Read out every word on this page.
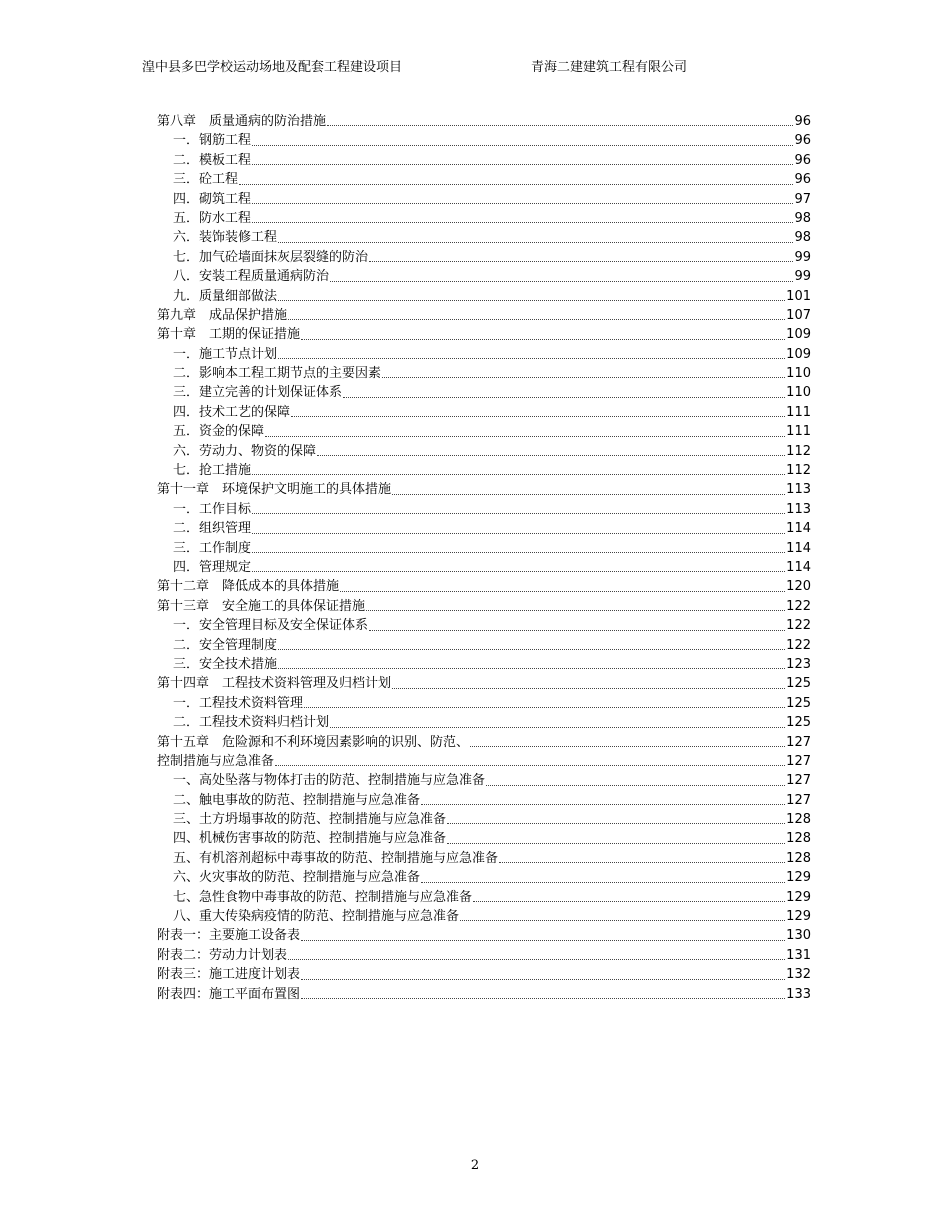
湟中县多巴学校运动场地及配套工程建设项目	青海二建建筑工程有限公司
第八章　质量通病的防治措施	96
一．钢筋工程	96
二．模板工程	96
三．砼工程	96
四．砌筑工程	97
五．防水工程	98
六．装饰装修工程	98
七．加气砼墙面抹灰层裂缝的防治	99
八．安装工程质量通病防治	99
九．质量细部做法	101
第九章　成品保护措施	107
第十章　工期的保证措施	109
一．施工节点计划	109
二．影响本工程工期节点的主要因素	110
三．建立完善的计划保证体系	110
四．技术工艺的保障	111
五．资金的保障	111
六．劳动力、物资的保障	112
七．抢工措施	112
第十一章　环境保护文明施工的具体措施	113
一．工作目标	113
二．组织管理	114
三．工作制度	114
四．管理规定	114
第十二章　降低成本的具体措施	120
第十三章　安全施工的具体保证措施	122
一．安全管理目标及安全保证体系	122
二．安全管理制度	122
三．安全技术措施	123
第十四章　工程技术资料管理及归档计划	125
一．工程技术资料管理	125
二．工程技术资料归档计划	125
第十五章　危险源和不利环境因素影响的识别、防范、	127
控制措施与应急准备	127
一、高处坠落与物体打击的防范、控制措施与应急准备	127
二、触电事故的防范、控制措施与应急准备	127
三、土方坍塌事故的防范、控制措施与应急准备	128
四、机械伤害事故的防范、控制措施与应急准备	128
五、有机溶剂超标中毒事故的防范、控制措施与应急准备	128
六、火灾事故的防范、控制措施与应急准备	129
七、急性食物中毒事故的防范、控制措施与应急准备	129
八、重大传染病疫情的防范、控制措施与应急准备	129
附表一：主要施工设备表	130
附表二：劳动力计划表	131
附表三：施工进度计划表	132
附表四：施工平面布置图	133
2
